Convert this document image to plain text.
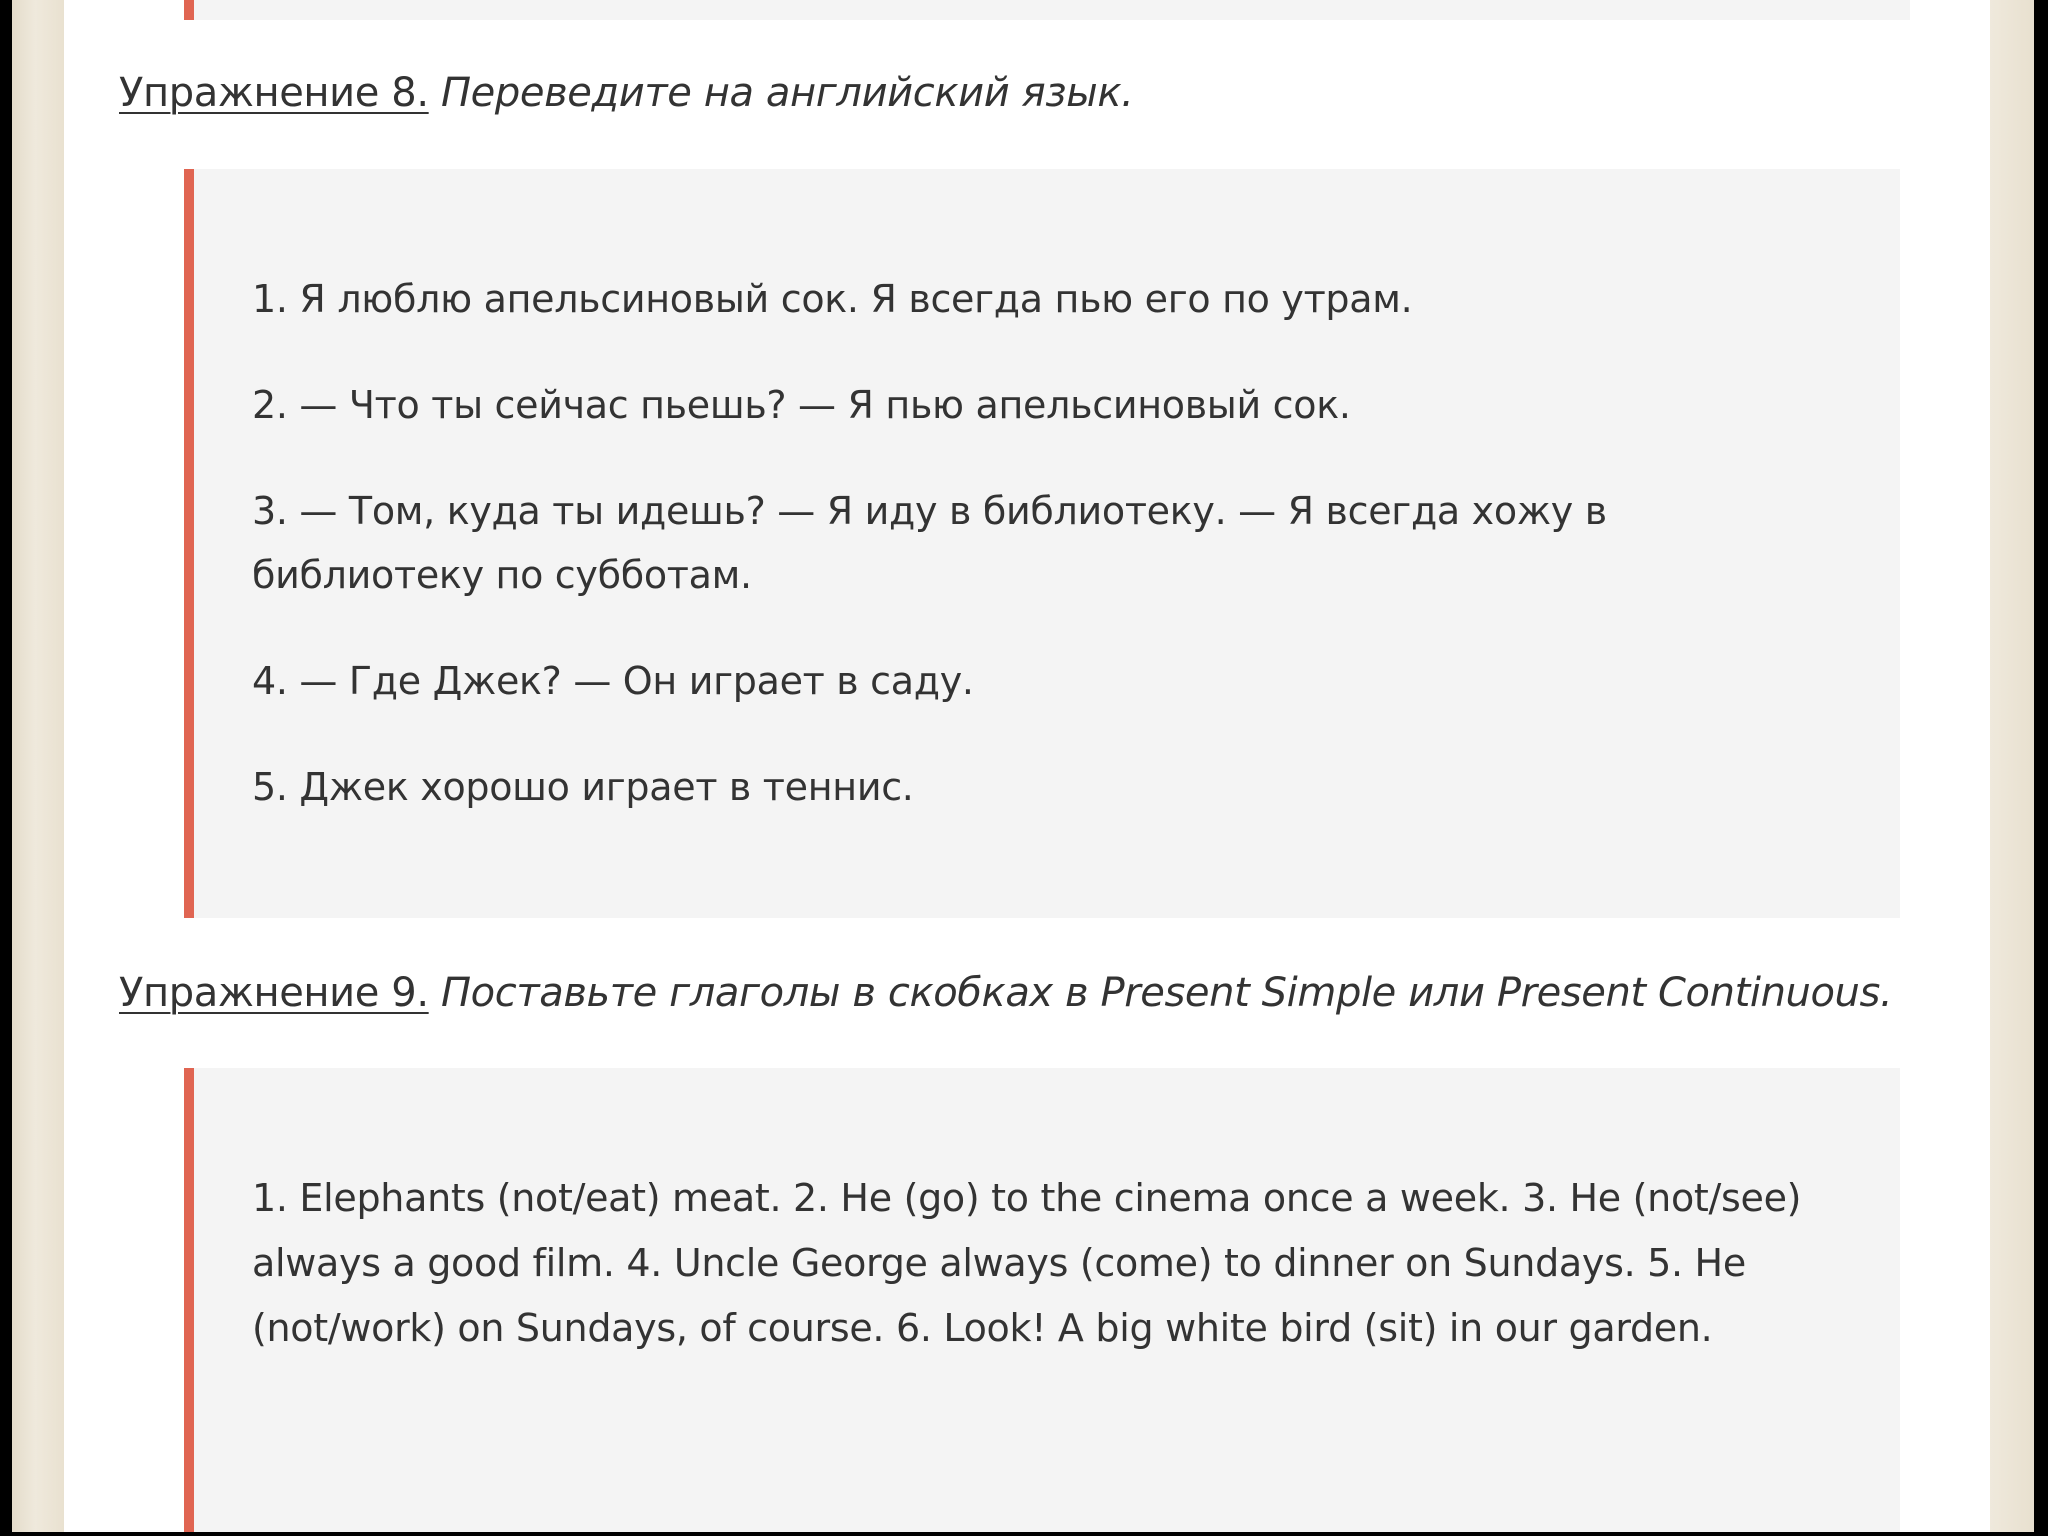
Упражнение 8. Переведите на английский язык.

1. Я люблю апельсиновый сок. Я всегда пью его по утрам.

2. — Что ты сейчас пьешь? — Я пью апельсиновый сок.

3. — Том, куда ты идешь? — Я иду в библиотеку. — Я всегда хожу в библиотеку по субботам.

4. — Где Джек? — Он играет в саду.

5. Джек хорошо играет в теннис.

Упражнение 9. Поставьте глаголы в скобках в Present Simple или Present Continuous.

1. Elephants (not/eat) meat. 2. He (go) to the cinema once a week. 3. He (not/see) always a good film. 4. Uncle George always (come) to dinner on Sundays. 5. He (not/work) on Sundays, of course. 6. Look! A big white bird (sit) in our garden.
